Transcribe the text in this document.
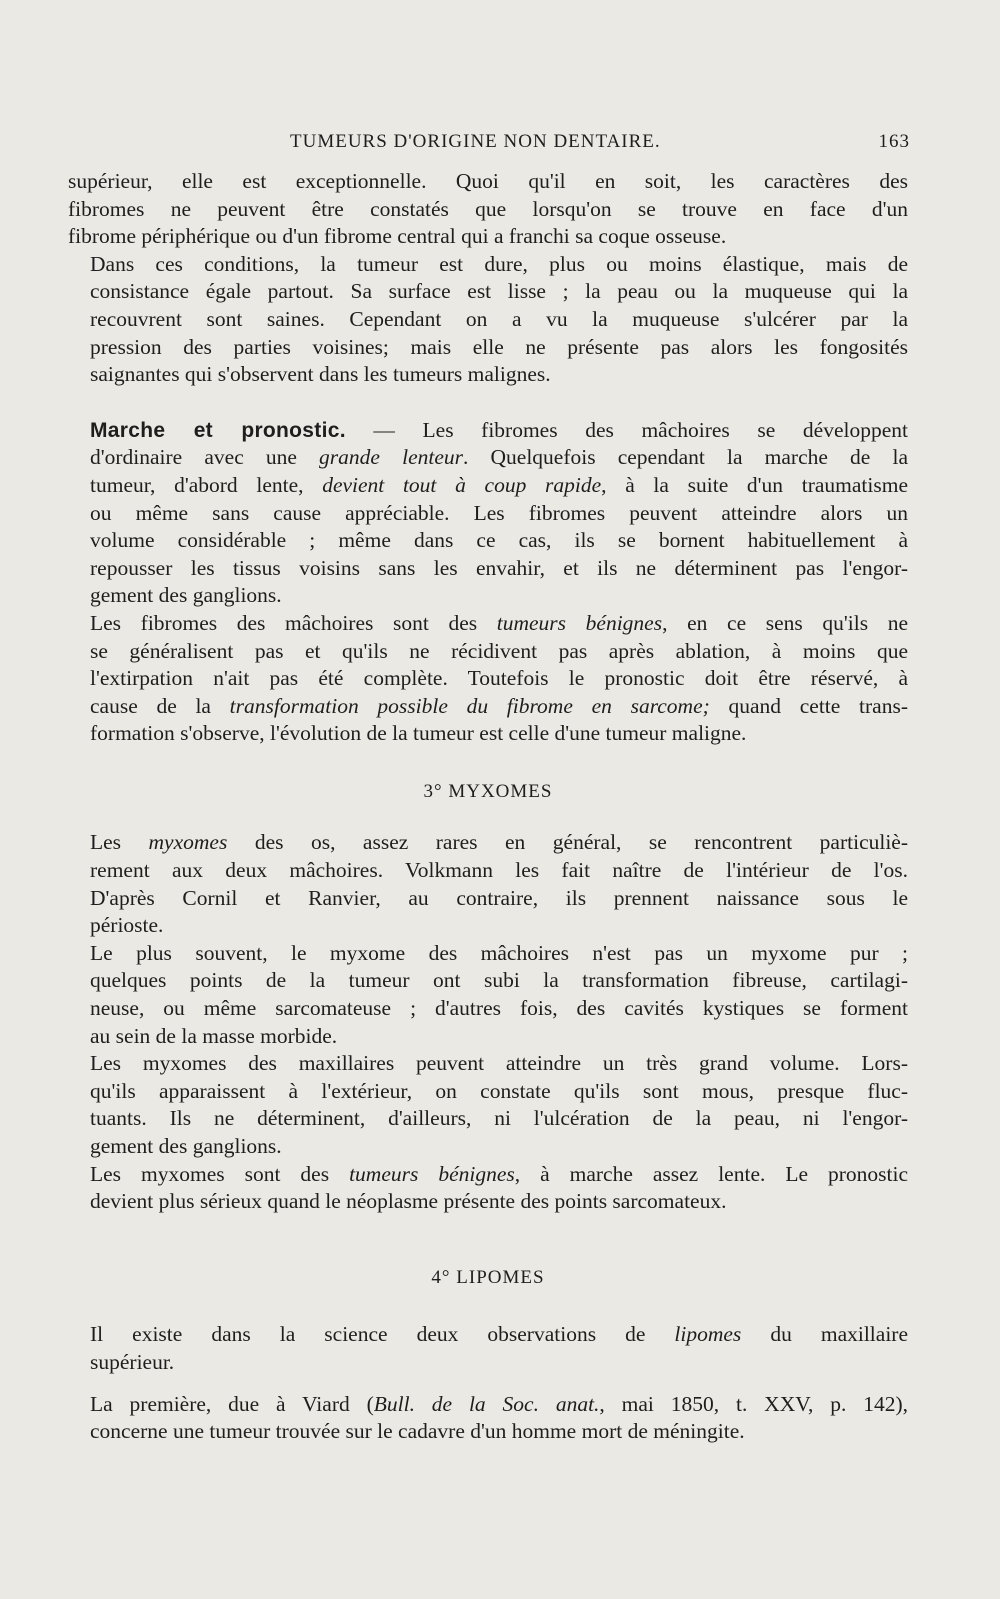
TUMEURS D'ORIGINE NON DENTAIRE.	163

supérieur, elle est exceptionnelle. Quoi qu'il en soit, les caractères des
fibromes ne peuvent être constatés que lorsqu'on se trouve en face d'un
fibrome périphérique ou d'un fibrome central qui a franchi sa coque osseuse.

Dans ces conditions, la tumeur est dure, plus ou moins élastique, mais de
consistance égale partout. Sa surface est lisse ; la peau ou la muqueuse qui la
recouvrent sont saines. Cependant on a vu la muqueuse s'ulcérer par la
pression des parties voisines; mais elle ne présente pas alors les fongosités
saignantes qui s'observent dans les tumeurs malignes.

Marche et pronostic. — Les fibromes des mâchoires se développent
d'ordinaire avec une grande lenteur. Quelquefois cependant la marche de la
tumeur, d'abord lente, devient tout à coup rapide, à la suite d'un traumatisme
ou même sans cause appréciable. Les fibromes peuvent atteindre alors un
volume considérable ; même dans ce cas, ils se bornent habituellement à
repousser les tissus voisins sans les envahir, et ils ne déterminent pas l'engor-
gement des ganglions.

Les fibromes des mâchoires sont des tumeurs bénignes, en ce sens qu'ils ne
se généralisent pas et qu'ils ne récidivent pas après ablation, à moins que
l'extirpation n'ait pas été complète. Toutefois le pronostic doit être réservé, à
cause de la transformation possible du fibrome en sarcome; quand cette trans-
formation s'observe, l'évolution de la tumeur est celle d'une tumeur maligne.

3° MYXOMES

Les myxomes des os, assez rares en général, se rencontrent particuliè-
rement aux deux mâchoires. Volkmann les fait naître de l'intérieur de l'os.
D'après Cornil et Ranvier, au contraire, ils prennent naissance sous le
périoste.

Le plus souvent, le myxome des mâchoires n'est pas un myxome pur ;
quelques points de la tumeur ont subi la transformation fibreuse, cartilagi-
neuse, ou même sarcomateuse ; d'autres fois, des cavités kystiques se forment
au sein de la masse morbide.

Les myxomes des maxillaires peuvent atteindre un très grand volume. Lors-
qu'ils apparaissent à l'extérieur, on constate qu'ils sont mous, presque fluc-
tuants. Ils ne déterminent, d'ailleurs, ni l'ulcération de la peau, ni l'engor-
gement des ganglions.

Les myxomes sont des tumeurs bénignes, à marche assez lente. Le pronostic
devient plus sérieux quand le néoplasme présente des points sarcomateux.

4° LIPOMES

Il existe dans la science deux observations de lipomes du maxillaire
supérieur.

La première, due à Viard (Bull. de la Soc. anat., mai 1850, t. XXV, p. 142),
concerne une tumeur trouvée sur le cadavre d'un homme mort de méningite.
